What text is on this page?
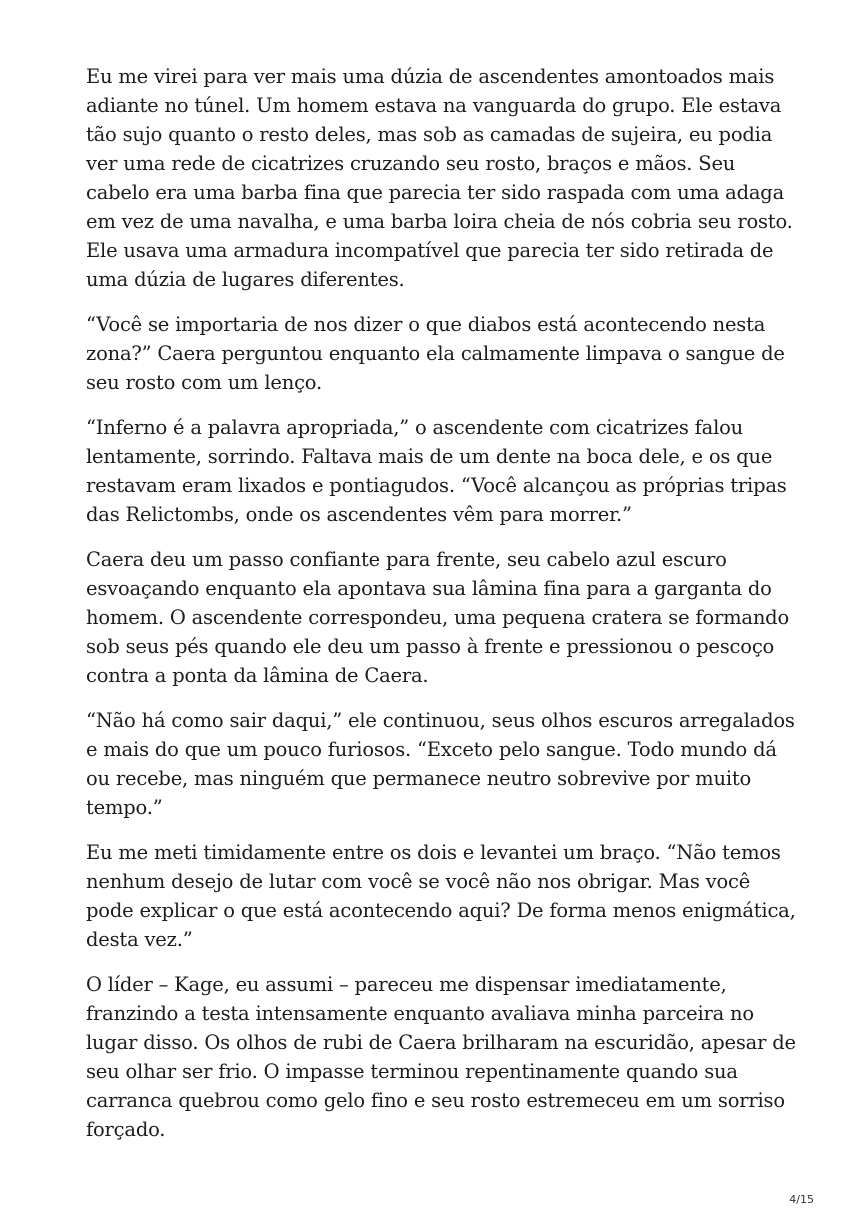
Eu me virei para ver mais uma dúzia de ascendentes amontoados mais adiante no túnel. Um homem estava na vanguarda do grupo. Ele estava tão sujo quanto o resto deles, mas sob as camadas de sujeira, eu podia ver uma rede de cicatrizes cruzando seu rosto, braços e mãos. Seu cabelo era uma barba fina que parecia ter sido raspada com uma adaga em vez de uma navalha, e uma barba loira cheia de nós cobria seu rosto. Ele usava uma armadura incompatível que parecia ter sido retirada de uma dúzia de lugares diferentes.

“Você se importaria de nos dizer o que diabos está acontecendo nesta zona?” Caera perguntou enquanto ela calmamente limpava o sangue de seu rosto com um lenço.

“Inferno é a palavra apropriada,” o ascendente com cicatrizes falou lentamente, sorrindo. Faltava mais de um dente na boca dele, e os que restavam eram lixados e pontiagudos. “Você alcançou as próprias tripas das Relictombs, onde os ascendentes vêm para morrer.”

Caera deu um passo confiante para frente, seu cabelo azul escuro esvoaçando enquanto ela apontava sua lâmina fina para a garganta do homem. O ascendente correspondeu, uma pequena cratera se formando sob seus pés quando ele deu um passo à frente e pressionou o pescoço contra a ponta da lâmina de Caera.

“Não há como sair daqui,” ele continuou, seus olhos escuros arregalados e mais do que um pouco furiosos. “Exceto pelo sangue. Todo mundo dá ou recebe, mas ninguém que permanece neutro sobrevive por muito tempo.”

Eu me meti timidamente entre os dois e levantei um braço. “Não temos nenhum desejo de lutar com você se você não nos obrigar. Mas você pode explicar o que está acontecendo aqui? De forma menos enigmática, desta vez.”

O líder – Kage, eu assumi – pareceu me dispensar imediatamente, franzindo a testa intensamente enquanto avaliava minha parceira no lugar disso. Os olhos de rubi de Caera brilharam na escuridão, apesar de seu olhar ser frio. O impasse terminou repentinamente quando sua carranca quebrou como gelo fino e seu rosto estremeceu em um sorriso forçado.

4/15
